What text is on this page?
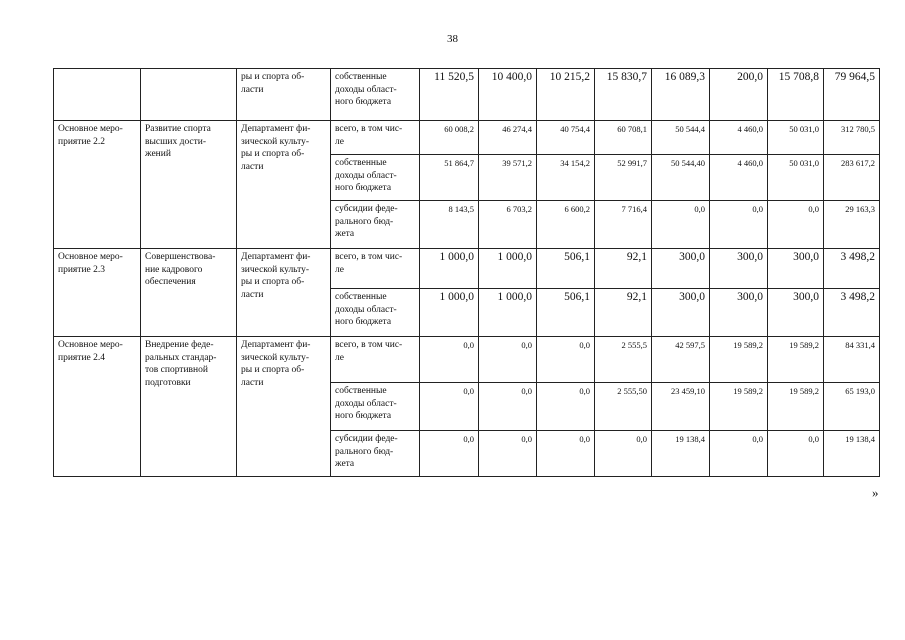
38
		ры и спорта об-
ласти	собственные
доходы област-
ного бюджета	11 520,5	10 400,0	10 215,2	15 830,7	16 089,3	200,0	15 708,8	79 964,5
Основное меро-
приятие 2.2	Развитие спорта
высших дости-
жений	Департамент фи-
зической культу-
ры и спорта об-
ласти	всего, в том чис-
ле	60 008,2	46 274,4	40 754,4	60 708,1	50 544,4	4 460,0	50 031,0	312 780,5
			собственные
доходы област-
ного бюджета	51 864,7	39 571,2	34 154,2	52 991,7	50 544,40	4 460,0	50 031,0	283 617,2
			субсидии феде-
рального бюд-
жета	8 143,5	6 703,2	6 600,2	7 716,4	0,0	0,0	0,0	29 163,3
Основное меро-
приятие 2.3	Совершенствова-
ние кадрового
обеспечения	Департамент фи-
зической культу-
ры и спорта об-
ласти	всего, в том чис-
ле	1 000,0	1 000,0	506,1	92,1	300,0	300,0	300,0	3 498,2
			собственные
доходы област-
ного бюджета	1 000,0	1 000,0	506,1	92,1	300,0	300,0	300,0	3 498,2
Основное меро-
приятие 2.4	Внедрение феде-
ральных стандар-
тов спортивной
подготовки	Департамент фи-
зической культу-
ры и спорта об-
ласти	всего, в том чис-
ле	0,0	0,0	0,0	2 555,5	42 597,5	19 589,2	19 589,2	84 331,4
			собственные
доходы област-
ного бюджета	0,0	0,0	0,0	2 555,50	23 459,10	19 589,2	19 589,2	65 193,0
			субсидии феде-
рального бюд-
жета	0,0	0,0	0,0	0,0	19 138,4	0,0	0,0	19 138,4
»
